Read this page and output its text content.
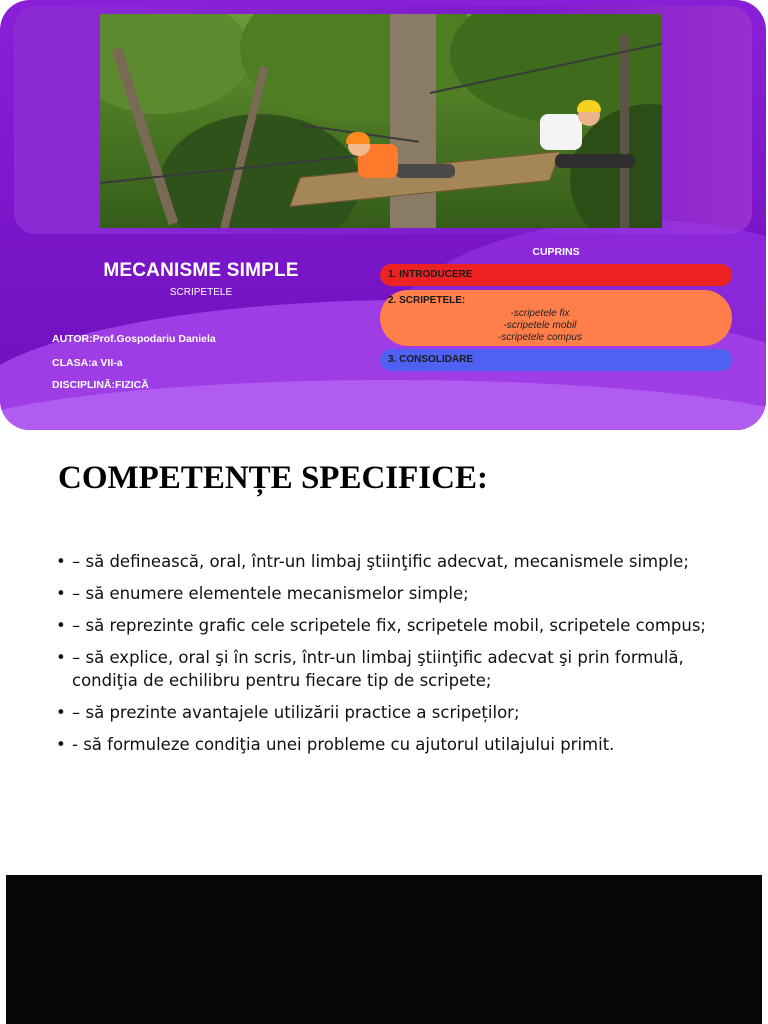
MECANISME SIMPLE
SCRIPETELE
AUTOR:Prof.Gospodariu Daniela
CLASA:a VII-a
DISCIPLINĂ:FIZICĂ
CUPRINS
1. INTRODUCERE
2. SCRIPETELE:
-scripetele fix
-scripetele mobil
-scripetele compus
3. CONSOLIDARE
COMPETENȚE SPECIFICE:
• – să definească, oral, într-un limbaj ştiinţific adecvat, mecanismele simple;
• – să enumere elementele mecanismelor simple;
• – să reprezinte grafic cele scripetele fix, scripetele mobil, scripetele compus;
• – să explice, oral şi în scris, într-un limbaj ştiinţific adecvat şi prin formulă, condiţia de echilibru pentru fiecare tip de scripete;
• – să prezinte avantajele utilizării practice a scripeților;
• - să formuleze condiţia unei probleme cu ajutorul utilajului primit.
